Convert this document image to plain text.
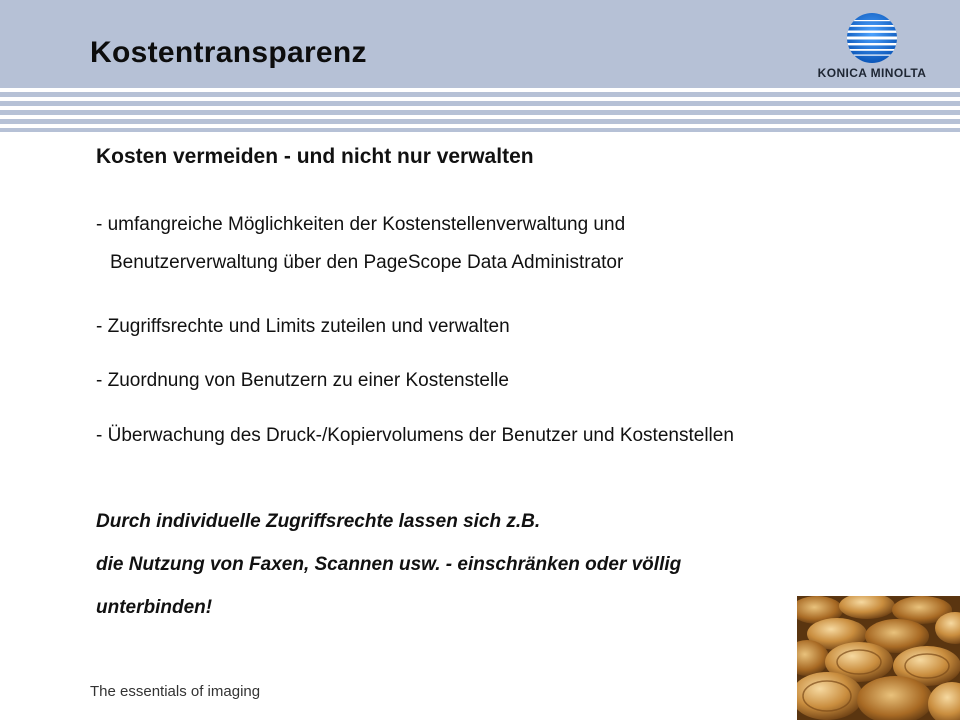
Kostentransparenz
KONICA MINOLTA
Kosten vermeiden - und nicht nur verwalten
- umfangreiche Möglichkeiten der Kostenstellenverwaltung und
Benutzerverwaltung über den PageScope Data Administrator
- Zugriffsrechte und Limits zuteilen und verwalten
- Zuordnung von Benutzern zu einer Kostenstelle
- Überwachung des Druck-/Kopiervolumens der Benutzer und Kostenstellen
Durch individuelle Zugriffsrechte lassen sich z.B.
die Nutzung von Faxen, Scannen usw. - einschränken oder völlig
unterbinden!
The essentials of imaging
